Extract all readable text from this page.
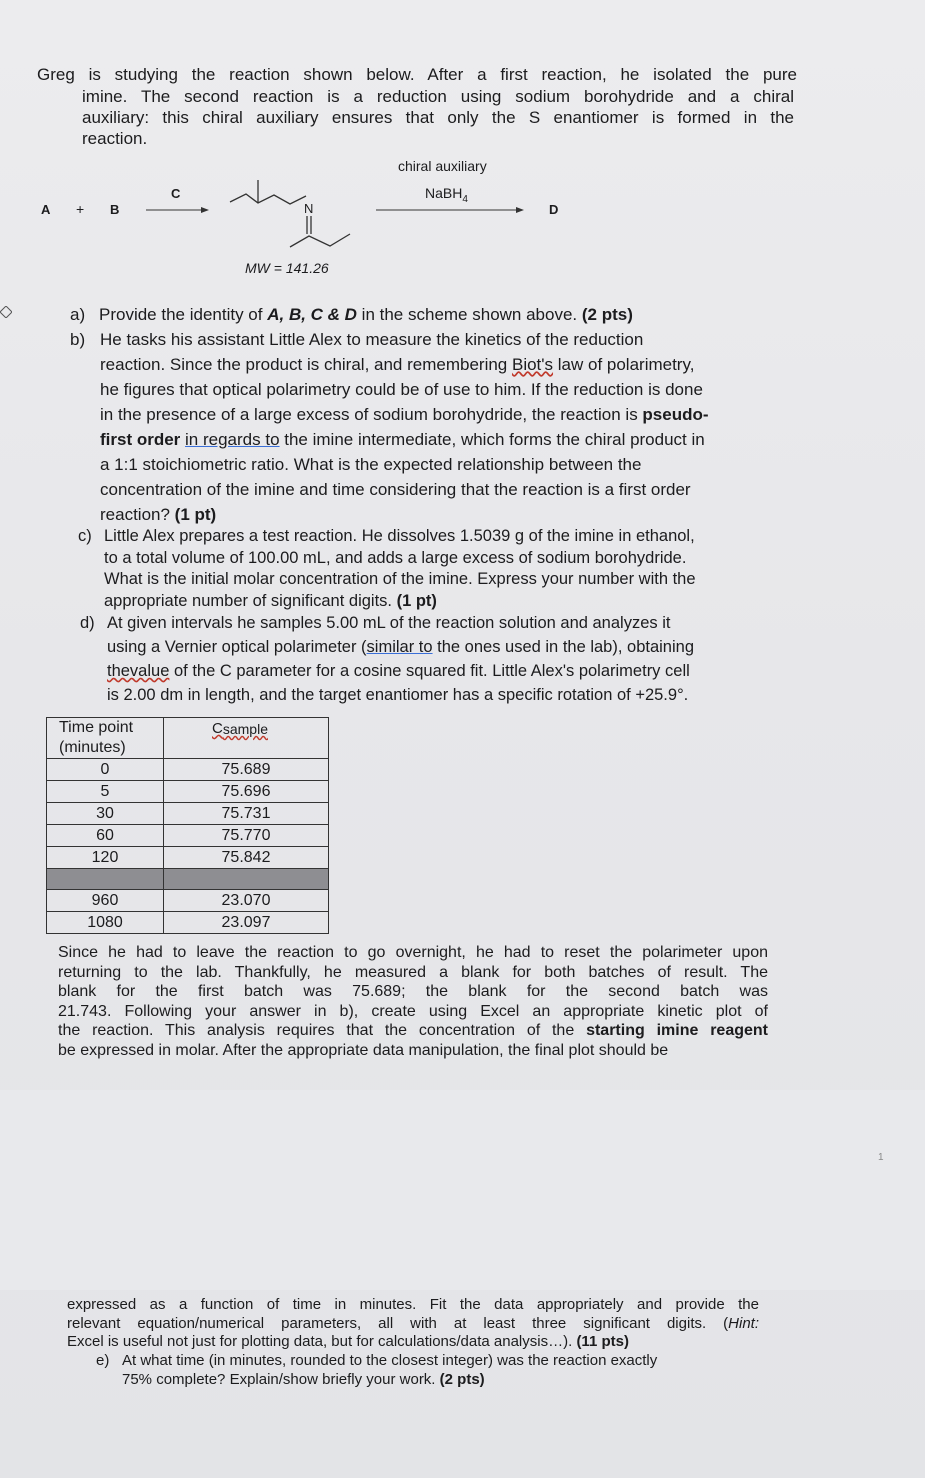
Greg is studying the reaction shown below. After a first reaction, he isolated the pure
imine. The second reaction is a reduction using sodium borohydride and a chiral
auxiliary: this chiral auxiliary ensures that only the S enantiomer is formed in the
reaction.
A + B
C
N
MW = 141.26
chiral auxiliary
NaBH$_4$
D
a) Provide the identity of A, B, C & D in the scheme shown above. (2 pts)
b) He tasks his assistant Little Alex to measure the kinetics of the reduction
reaction. Since the product is chiral, and remembering Biot's law of polarimetry,
he figures that optical polarimetry could be of use to him. If the reduction is done
in the presence of a large excess of sodium borohydride, the reaction is pseudo-
first order in regards to the imine intermediate, which forms the chiral product in
a 1:1 stoichiometric ratio. What is the expected relationship between the
concentration of the imine and time considering that the reaction is a first order
reaction? (1 pt)
c) Little Alex prepares a test reaction. He dissolves 1.5039 g of the imine in ethanol,
to a total volume of 100.00 mL, and adds a large excess of sodium borohydride.
What is the initial molar concentration of the imine. Express your number with the
appropriate number of significant digits. (1 pt)
d) At given intervals he samples 5.00 mL of the reaction solution and analyzes it
using a Vernier optical polarimeter (similar to the ones used in the lab), obtaining
thevalue of the C parameter for a cosine squared fit. Little Alex's polarimetry cell
is 2.00 dm in length, and the target enantiomer has a specific rotation of +25.9°.
Time point
(minutes)	Csample
0	75.689
5	75.696
30	75.731
60	75.770
120	75.842

960	23.070
1080	23.097
Since he had to leave the reaction to go overnight, he had to reset the polarimeter upon
returning to the lab. Thankfully, he measured a blank for both batches of result. The
blank for the first batch was 75.689; the blank for the second batch was
21.743. Following your answer in b), create using Excel an appropriate kinetic plot of
the reaction. This analysis requires that the concentration of the starting imine reagent
be expressed in molar. After the appropriate data manipulation, the final plot should be
1
expressed as a function of time in minutes. Fit the data appropriately and provide the
relevant equation/numerical parameters, all with at least three significant digits. (Hint:
Excel is useful not just for plotting data, but for calculations/data analysis…). (11 pts)
e) At what time (in minutes, rounded to the closest integer) was the reaction exactly
75% complete? Explain/show briefly your work. (2 pts)
